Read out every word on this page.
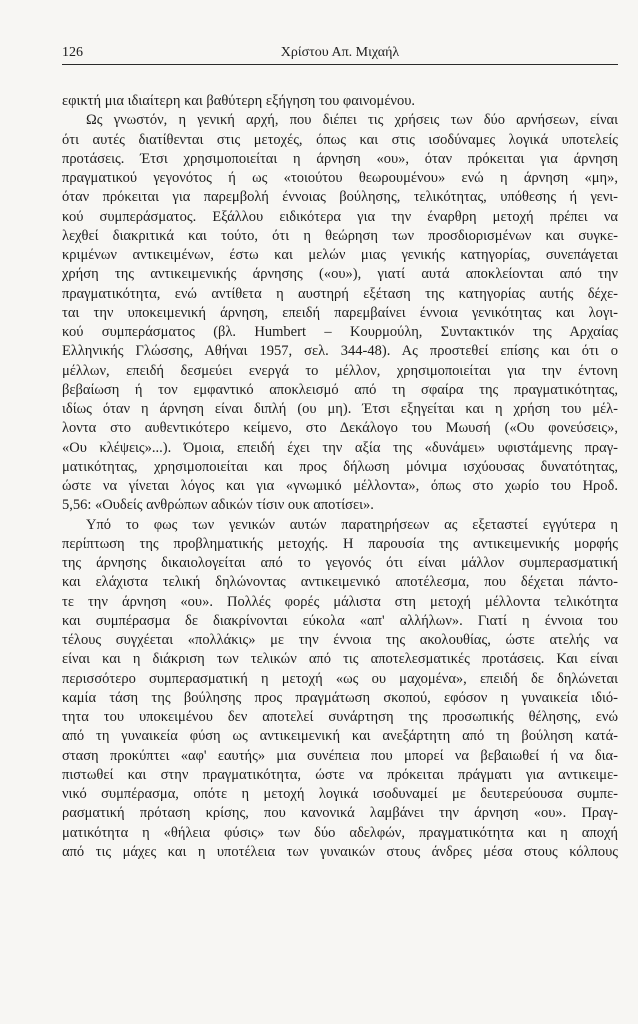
126	Χρίστου Απ. Μιχαήλ
εφικτή μια ιδιαίτερη και βαθύτερη εξήγηση του φαινομένου.
Ως γνωστόν, η γενική αρχή, που διέπει τις χρήσεις των δύο αρνήσεων, είναι
ότι αυτές διατίθενται στις μετοχές, όπως και στις ισοδύναμες λογικά υποτελείς
προτάσεις. Έτσι χρησιμοποιείται η άρνηση «ου», όταν πρόκειται για άρνηση
πραγματικού γεγονότος ή ως «τοιούτου θεωρουμένου» ενώ η άρνηση «μη»,
όταν πρόκειται για παρεμβολή έννοιας βούλησης, τελικότητας, υπόθεσης ή γενι-
κού συμπεράσματος. Εξάλλου ειδικότερα για την έναρθρη μετοχή πρέπει να
λεχθεί διακριτικά και τούτο, ότι η θεώρηση των προσδιορισμένων και συγκε-
κριμένων αντικειμένων, έστω και μελών μιας γενικής κατηγορίας, συνεπάγεται
χρήση της αντικειμενικής άρνησης («ου»), γιατί αυτά αποκλείονται από την
πραγματικότητα, ενώ αντίθετα η αυστηρή εξέταση της κατηγορίας αυτής δέχε-
ται την υποκειμενική άρνηση, επειδή παρεμβαίνει έννοια γενικότητας και λογι-
κού συμπεράσματος (βλ. Humbert – Κουρμούλη, Συντακτικόν της Αρχαίας
Ελληνικής Γλώσσης, Αθήναι 1957, σελ. 344-48). Ας προστεθεί επίσης και ότι ο
μέλλων, επειδή δεσμεύει ενεργά το μέλλον, χρησιμοποιείται για την έντονη
βεβαίωση ή τον εμφαντικό αποκλεισμό από τη σφαίρα της πραγματικότητας,
ιδίως όταν η άρνηση είναι διπλή (ου μη). Έτσι εξηγείται και η χρήση του μέλ-
λοντα στο αυθεντικότερο κείμενο, στο Δεκάλογο του Μωυσή («Ου φονεύσεις»,
«Ου κλέψεις»...). Όμοια, επειδή έχει την αξία της «δυνάμει» υφιστάμενης πραγ-
ματικότητας, χρησιμοποιείται και προς δήλωση μόνιμα ισχύουσας δυνατότητας,
ώστε να γίνεται λόγος και για «γνωμικό μέλλοντα», όπως στο χωρίο του Ηροδ.
5,56: «Ουδείς ανθρώπων αδικών τίσιν ουκ αποτίσει».
Υπό το φως των γενικών αυτών παρατηρήσεων ας εξεταστεί εγγύτερα η
περίπτωση της προβληματικής μετοχής. Η παρουσία της αντικειμενικής μορφής
της άρνησης δικαιολογείται από το γεγονός ότι είναι μάλλον συμπερασματική
και ελάχιστα τελική δηλώνοντας αντικειμενικό αποτέλεσμα, που δέχεται πάντο-
τε την άρνηση «ου». Πολλές φορές μάλιστα στη μετοχή μέλλοντα τελικότητα
και συμπέρασμα δε διακρίνονται εύκολα «απ' αλλήλων». Γιατί η έννοια του
τέλους συγχέεται «πολλάκις» με την έννοια της ακολουθίας, ώστε ατελής να
είναι και η διάκριση των τελικών από τις αποτελεσματικές προτάσεις. Και είναι
περισσότερο συμπερασματική η μετοχή «ως ου μαχομένα», επειδή δε δηλώνεται
καμία τάση της βούλησης προς πραγμάτωση σκοπού, εφόσον η γυναικεία ιδιό-
τητα του υποκειμένου δεν αποτελεί συνάρτηση της προσωπικής θέλησης, ενώ
από τη γυναικεία φύση ως αντικειμενική και ανεξάρτητη από τη βούληση κατά-
σταση προκύπτει «αφ' εαυτής» μια συνέπεια που μπορεί να βεβαιωθεί ή να δια-
πιστωθεί και στην πραγματικότητα, ώστε να πρόκειται πράγματι για αντικειμε-
νικό συμπέρασμα, οπότε η μετοχή λογικά ισοδυναμεί με δευτερεύουσα συμπε-
ρασματική πρόταση κρίσης, που κανονικά λαμβάνει την άρνηση «ου». Πραγ-
ματικότητα η «θήλεια φύσις» των δύο αδελφών, πραγματικότητα και η αποχή
από τις μάχες και η υποτέλεια των γυναικών στους άνδρες μέσα στους κόλπους
